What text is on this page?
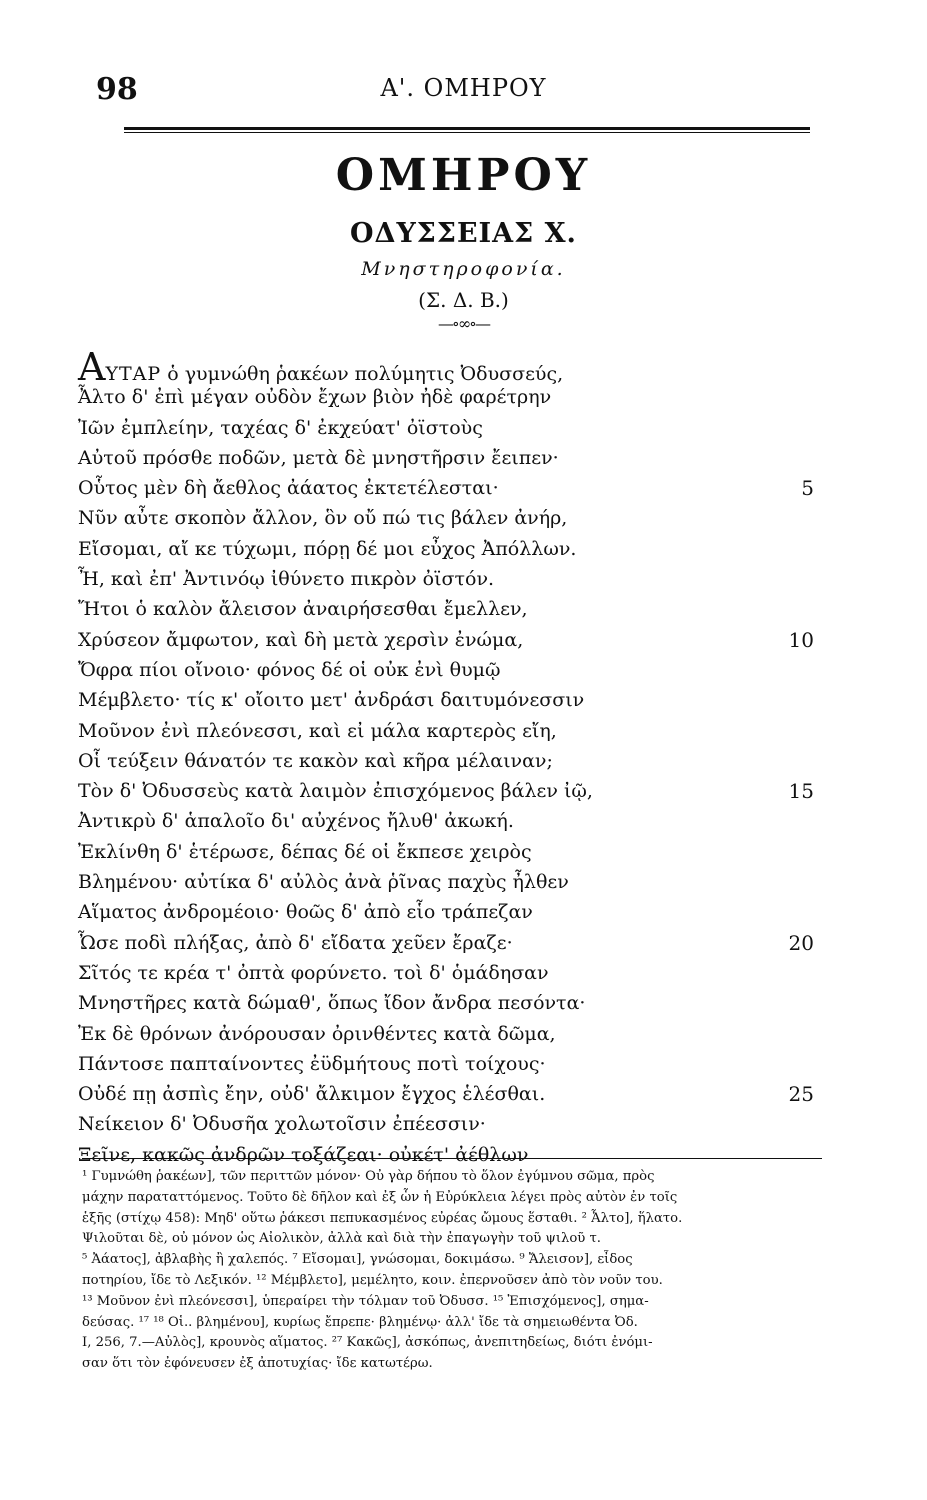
98	Α'. ΟΜΗΡΟΥ
ΟΜΗΡΟΥ
ΟΔΥΣΣΕΙΑΣ Χ.
Μνηστηροφονία.
(Σ. Δ. Β.)
—∘∞∘—
ΑΥΤΑΡ ὁ γυμνώθη ῥακέων πολύμητις Ὀδυσσεύς,
Ἆλτο δ' ἐπὶ μέγαν οὐδὸν ἔχων βιὸν ἠδὲ φαρέτρην
Ἰῶν ἐμπλείην, ταχέας δ' ἐκχεύατ' ὀϊστοὺς
Αὐτοῦ πρόσθε ποδῶν, μετὰ δὲ μνηστῆρσιν ἔειπεν·
Οὗτος μὲν δὴ ἄεθλος ἀάατος ἐκτετέλεσται·	5
Νῦν αὖτε σκοπὸν ἄλλον, ὃν οὔ πώ τις βάλεν ἀνήρ,
Εἴσομαι, αἴ κε τύχωμι, πόρῃ δέ μοι εὖχος Ἀπόλλων.
Ἦ, καὶ ἐπ' Ἀντινόῳ ἰθύνετο πικρὸν ὀϊστόν.
Ἤτοι ὁ καλὸν ἄλεισον ἀναιρήσεσθαι ἔμελλεν,
Χρύσεον ἄμφωτον, καὶ δὴ μετὰ χερσὶν ἐνώμα,	10
Ὄφρα πίοι οἴνοιο· φόνος δέ οἱ οὐκ ἐνὶ θυμῷ
Μέμβλετο· τίς κ' οἴοιτο μετ' ἀνδράσι δαιτυμόνεσσιν
Μοῦνον ἐνὶ πλεόνεσσι, καὶ εἰ μάλα καρτερὸς εἴη,
Οἷ τεύξειν θάνατόν τε κακὸν καὶ κῆρα μέλαιναν;
Τὸν δ' Ὀδυσσεὺς κατὰ λαιμὸν ἐπισχόμενος βάλεν ἰῷ,	15
Ἀντικρὺ δ' ἁπαλοῖο δι' αὐχένος ἤλυθ' ἀκωκή.
Ἐκλίνθη δ' ἑτέρωσε, δέπας δέ οἱ ἔκπεσε χειρὸς
Βλημένου· αὐτίκα δ' αὐλὸς ἀνὰ ῥῖνας παχὺς ἦλθεν
Αἵματος ἀνδρομέοιο· θοῶς δ' ἀπὸ εἷο τράπεζαν
Ὦσε ποδὶ πλήξας, ἀπὸ δ' εἴδατα χεῦεν ἔραζε·	20
Σῖτός τε κρέα τ' ὀπτὰ φορύνετο. τοὶ δ' ὁμάδησαν
Μνηστῆρες κατὰ δώμαθ', ὅπως ἴδον ἄνδρα πεσόντα·
Ἐκ δὲ θρόνων ἀνόρουσαν ὀρινθέντες κατὰ δῶμα,
Πάντοσε παπταίνοντες ἐϋδμήτους ποτὶ τοίχους·
Οὐδέ πῃ ἀσπὶς ἔην, οὐδ' ἄλκιμον ἔγχος ἑλέσθαι.	25
Νείκειον δ' Ὀδυσῆα χολωτοῖσιν ἐπέεσσιν·
Ξεῖνε, κακῶς ἀνδρῶν τοξάζεαι· οὐκέτ' ἀέθλων
¹ Γυμνώθη ῥακέων], τῶν περιττῶν μόνον· Οὐ γὰρ δήπου τὸ ὅλον ἐγύμνου σῶμα, πρὸς
μάχην παραταττόμενος. Τοῦτο δὲ δῆλον καὶ ἐξ ὧν ἡ Εὐρύκλεια λέγει πρὸς αὐτὸν ἐν τοῖς
ἑξῆς (στίχῳ 458): Μηδ' οὕτω ῥάκεσι πεπυκασμένος εὐρέας ὤμους ἕσταθι. ² Ἆλτο], ἥλατο.
Ψιλοῦται δὲ, οὐ μόνον ὡς Αἰολικὸν, ἀλλὰ καὶ διὰ τὴν ἐπαγωγὴν τοῦ ψιλοῦ τ.
⁵ Ἀάατος], ἀβλαβὴς ἢ χαλεπός. ⁷ Εἴσομαι], γνώσομαι, δοκιμάσω. ⁹ Ἄλεισον], εἶδος
ποτηρίου, ἴδε τὸ Λεξικόν. ¹² Μέμβλετο], μεμέλητο, κοιν. ἐπερνοῦσεν ἀπὸ τὸν νοῦν του.
¹³ Μοῦνον ἐνὶ πλεόνεσσι], ὑπεραίρει τὴν τόλμαν τοῦ Ὀδυσσ. ¹⁵ Ἐπισχόμενος], σημα-
δεύσας. ¹⁷ ¹⁸ Οἱ.. βλημένου], κυρίως ἔπρεπε· βλημένῳ· ἀλλ' ἴδε τὰ σημειωθέντα Ὀδ.
Ι, 256, 7.—Αὐλὸς], κρουνὸς αἵματος. ²⁷ Κακῶς], ἀσκόπως, ἀνεπιτηδείως, διότι ἐνόμι-
σαν ὅτι τὸν ἐφόνευσεν ἐξ ἀποτυχίας· ἴδε κατωτέρω.
